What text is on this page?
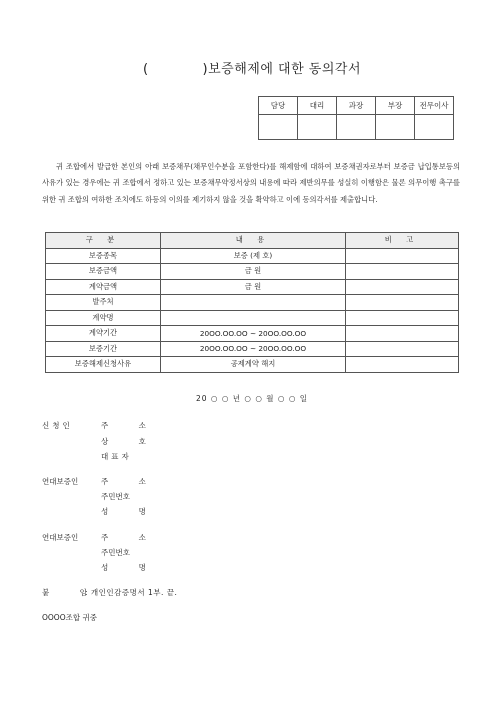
(	)보증해제에 대한 동의각서
담당	대리	과장	부장	전무이사

귀 조합에서 발급한 본인의 아래 보증채무(채무인수분을 포함한다)를 해제함에 대하여 보증채권자로부터 보증금 납입통보등의 사유가 있는 경우에는 귀 조합에서 정하고 있는 보증채무약정서상의 내용에 따라 제반의무를 성실히 이행함은 물론 의무이행 촉구를 위한 귀 조합의 여하한 조치에도 하등의 이의를 제기하지 않을 것을 확약하고 이에 동의각서를 제출합니다.
구 분	내 용	비 고
보증종목	보증 (제 호)	
보증금액	금 원	
계약금액	금 원	
발주처		
계약명		
계약기간	20OO.OO.OO ~ 20OO.OO.OO	
보증기간	20OO.OO.OO ~ 20OO.OO.OO	
보증해제신청사유	공제계약 해지	
20 ○ ○ 년 ○ ○ 월 ○ ○ 일
신청인	주 소
상 호
대표자
연대보증인	주 소
주민번호
성 명
연대보증인	주 소
주민번호
성 명
붙 임
: 개인인감증명서 1부. 끝.
OOOO조합 귀중
